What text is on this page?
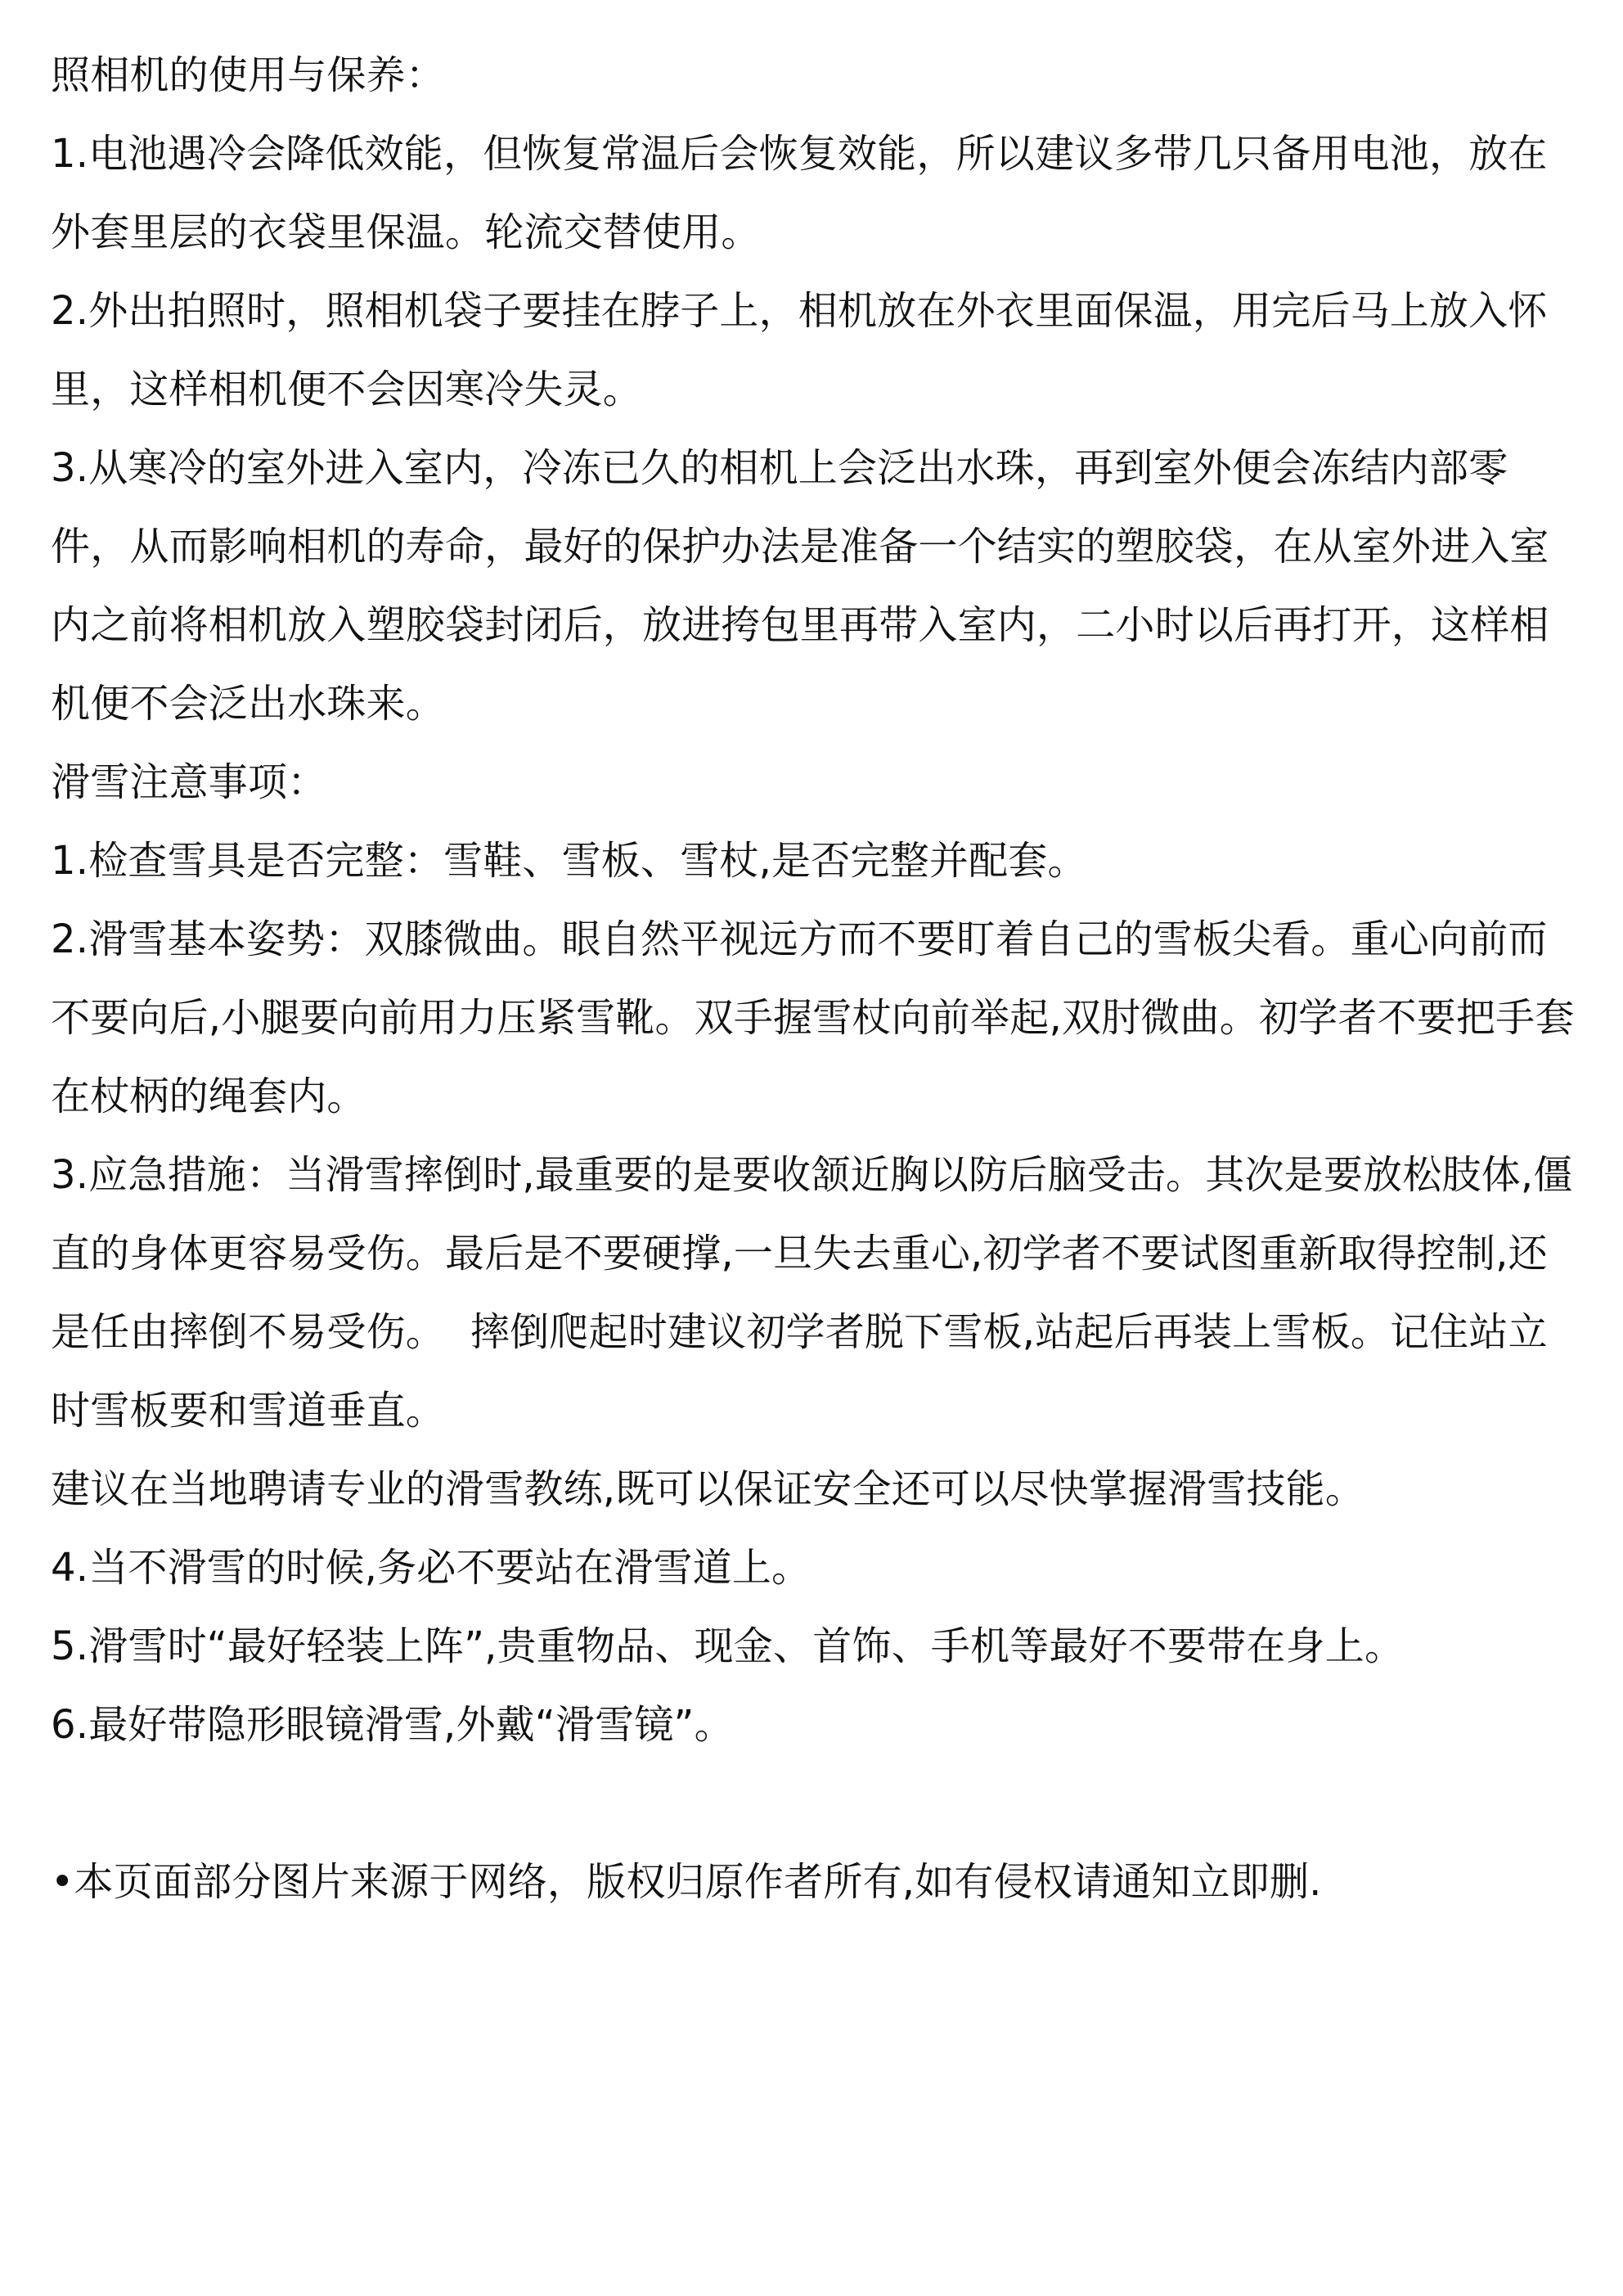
照相机的使用与保养：

1.电池遇冷会降低效能，但恢复常温后会恢复效能，所以建议多带几只备用电池，放在外套里层的衣袋里保温。轮流交替使用。

2.外出拍照时，照相机袋子要挂在脖子上，相机放在外衣里面保温，用完后马上放入怀里，这样相机便不会因寒冷失灵。

3.从寒冷的室外进入室内，冷冻已久的相机上会泛出水珠，再到室外便会冻结内部零件，从而影响相机的寿命，最好的保护办法是准备一个结实的塑胶袋，在从室外进入室内之前将相机放入塑胶袋封闭后，放进挎包里再带入室内，二小时以后再打开，这样相机便不会泛出水珠来。

滑雪注意事项：

1.检查雪具是否完整：雪鞋、雪板、雪杖,是否完整并配套。

2.滑雪基本姿势：双膝微曲。眼自然平视远方而不要盯着自己的雪板尖看。重心向前而不要向后,小腿要向前用力压紧雪靴。双手握雪杖向前举起,双肘微曲。初学者不要把手套在杖柄的绳套内。

3.应急措施：当滑雪摔倒时,最重要的是要收颔近胸以防后脑受击。其次是要放松肢体,僵直的身体更容易受伤。最后是不要硬撑,一旦失去重心,初学者不要试图重新取得控制,还是任由摔倒不易受伤。  摔倒爬起时建议初学者脱下雪板,站起后再装上雪板。记住站立时雪板要和雪道垂直。

建议在当地聘请专业的滑雪教练,既可以保证安全还可以尽快掌握滑雪技能。

4.当不滑雪的时候,务必不要站在滑雪道上。

5.滑雪时“最好轻装上阵”,贵重物品、现金、首饰、手机等最好不要带在身上。

6.最好带隐形眼镜滑雪,外戴“滑雪镜”。

•本页面部分图片来源于网络，版权归原作者所有,如有侵权请通知立即删.
